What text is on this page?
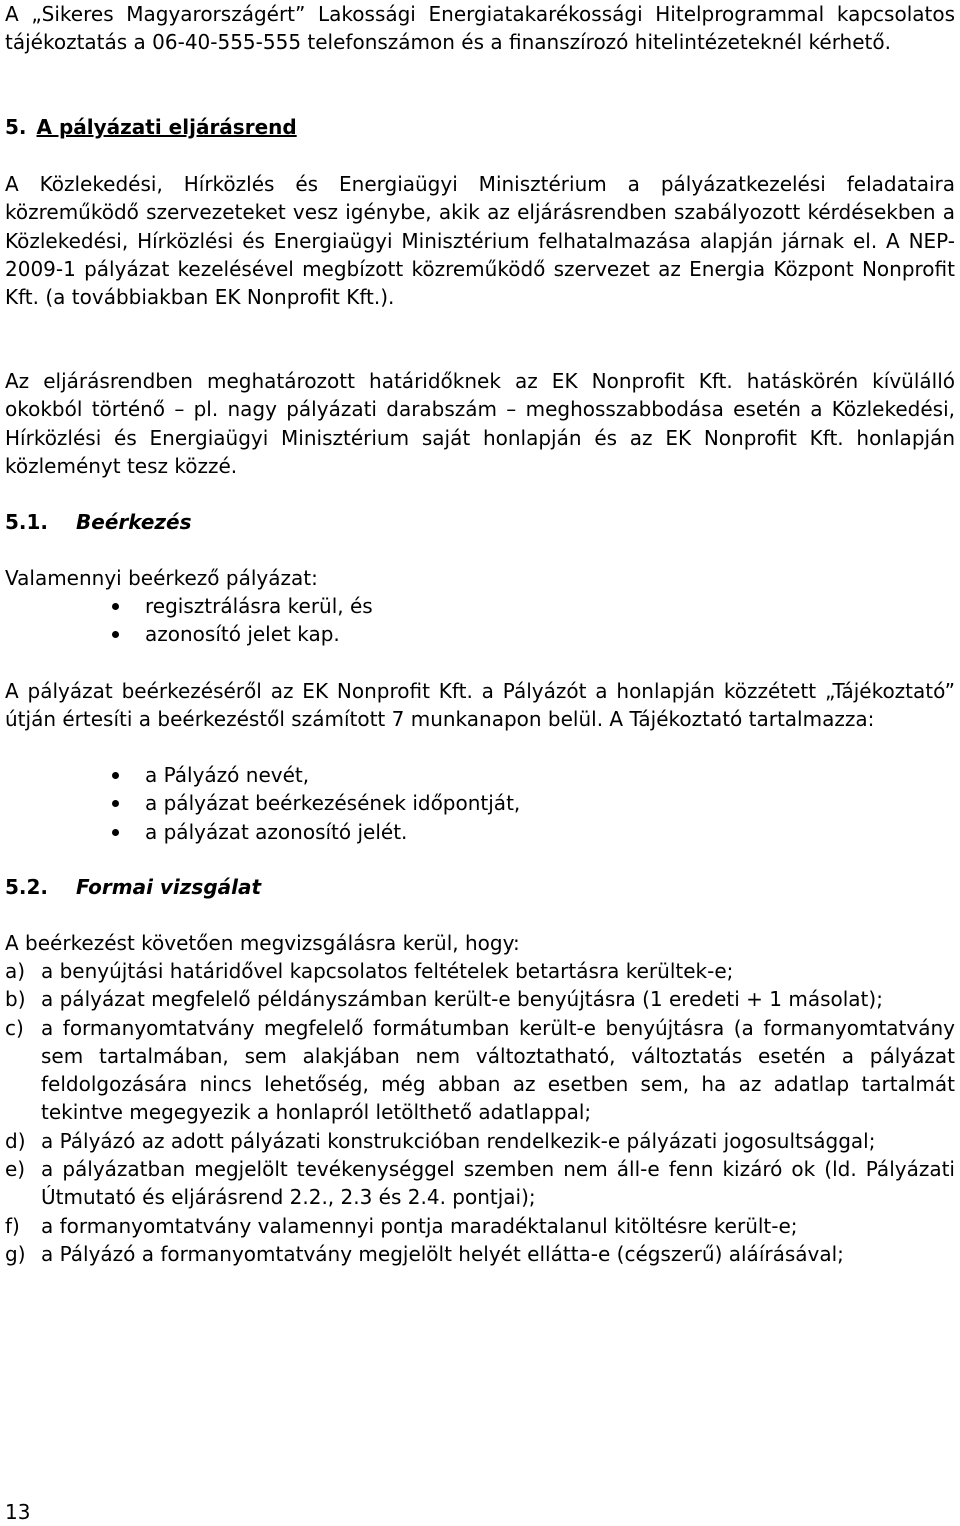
A „Sikeres Magyarországért” Lakossági Energiatakarékossági Hitelprogrammal kapcsolatos tájékoztatás a 06-40-555-555 telefonszámon és a finanszírozó hitelintézeteknél kérhető.

5. A pályázati eljárásrend

A Közlekedési, Hírközlés és Energiaügyi Minisztérium a pályázatkezelési feladataira közreműködő szervezeteket vesz igénybe, akik az eljárásrendben szabályozott kérdésekben a Közlekedési, Hírközlési és Energiaügyi Minisztérium felhatalmazása alapján járnak el. A NEP-2009-1 pályázat kezelésével megbízott közreműködő szervezet az Energia Központ Nonprofit Kft. (a továbbiakban EK Nonprofit Kft.).

Az eljárásrendben meghatározott határidőknek az EK Nonprofit Kft. hatáskörén kívülálló okokból történő – pl. nagy pályázati darabszám – meghosszabbodása esetén a Közlekedési, Hírközlési és Energiaügyi Minisztérium saját honlapján és az EK Nonprofit Kft. honlapján közleményt tesz közzé.

5.1. Beérkezés

Valamennyi beérkező pályázat:

regisztrálásra kerül, és
azonosító jelet kap.

A pályázat beérkezéséről az EK Nonprofit Kft. a Pályázót a honlapján közzétett „Tájékoztató” útján értesíti a beérkezéstől számított 7 munkanapon belül. A Tájékoztató tartalmazza:

a Pályázó nevét,
a pályázat beérkezésének időpontját,
a pályázat azonosító jelét.
5.2. Formai vizsgálat

A beérkezést követően megvizsgálásra kerül, hogy:

a) a benyújtási határidővel kapcsolatos feltételek betartásra kerültek-e;
b) a pályázat megfelelő példányszámban került-e benyújtásra (1 eredeti + 1 másolat);
c) a formanyomtatvány megfelelő formátumban került-e benyújtásra (a formanyomtatvány sem tartalmában, sem alakjában nem változtatható, változtatás esetén a pályázat feldolgozására nincs lehetőség, még abban az esetben sem, ha az adatlap tartalmát tekintve megegyezik a honlapról letölthető adatlappal;
d) a Pályázó az adott pályázati konstrukcióban rendelkezik-e pályázati jogosultsággal;
e) a pályázatban megjelölt tevékenységgel szemben nem áll-e fenn kizáró ok (ld. Pályázati Útmutató és eljárásrend 2.2., 2.3 és 2.4. pontjai);
f) a formanyomtatvány valamennyi pontja maradéktalanul kitöltésre került-e;
g) a Pályázó a formanyomtatvány megjelölt helyét ellátta-e (cégszerű) aláírásával;
13
